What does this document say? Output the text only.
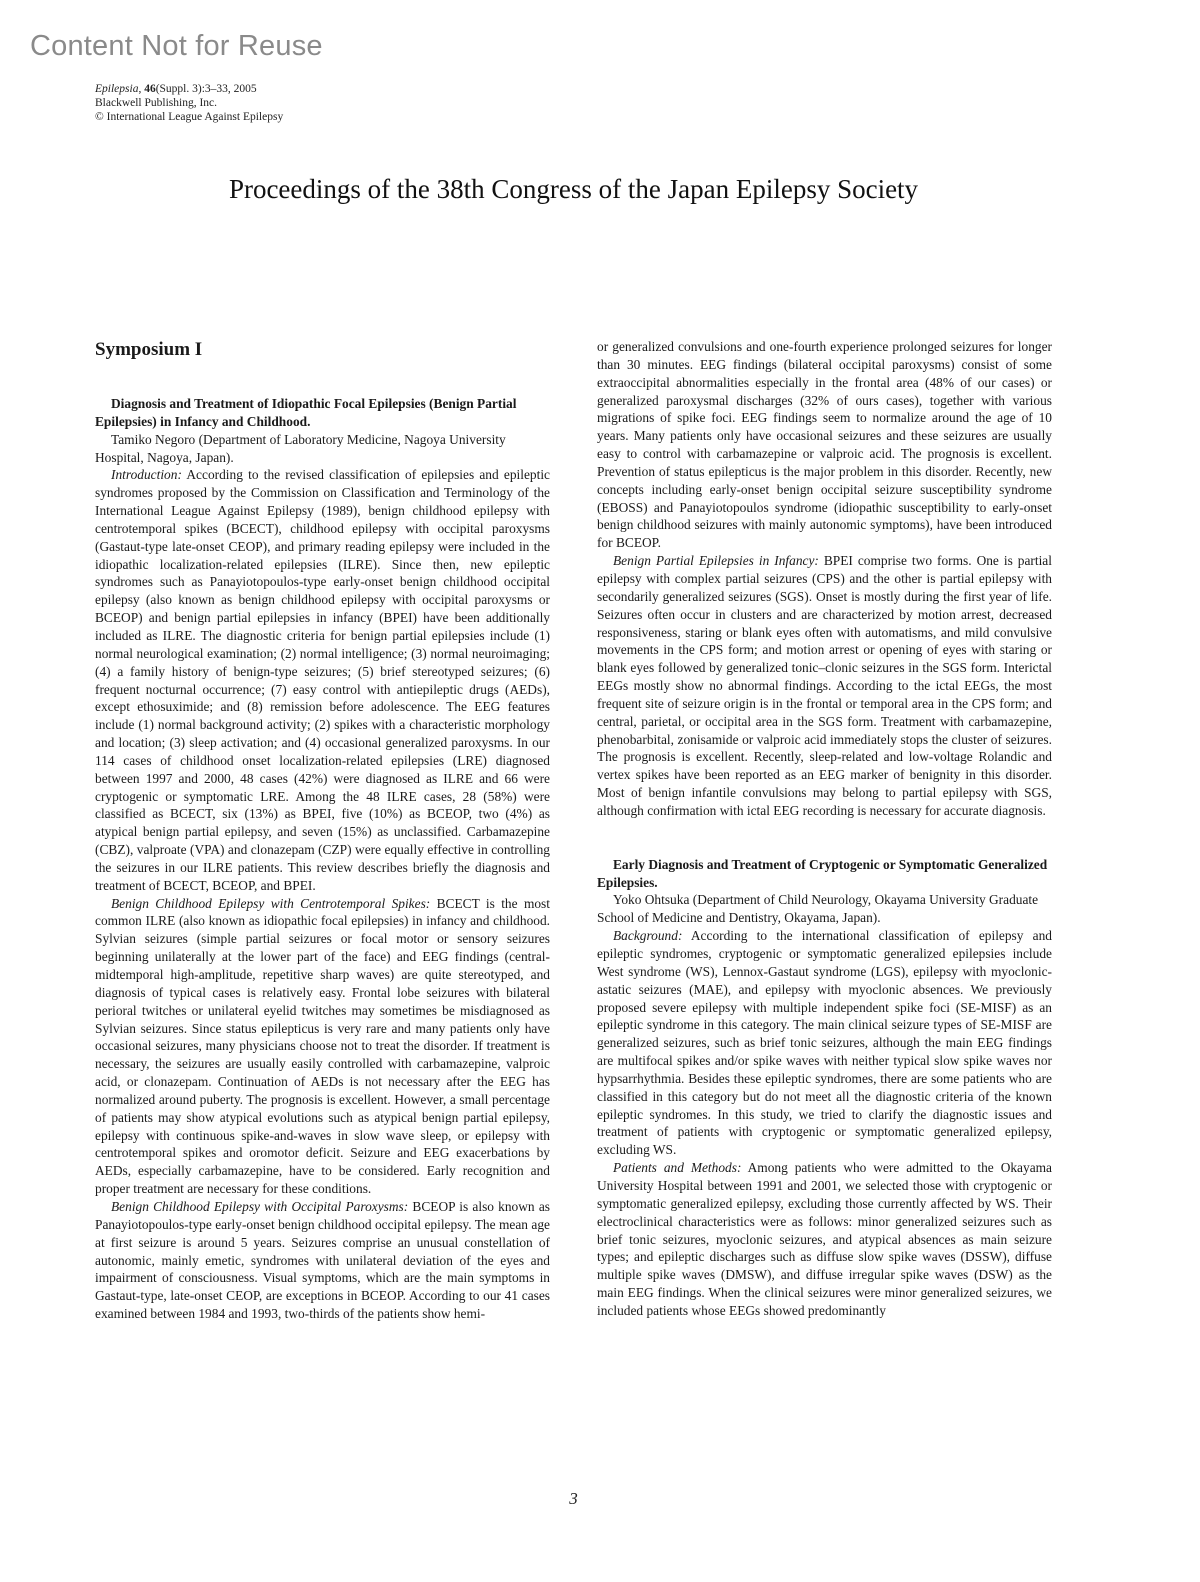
Content Not for Reuse
Epilepsia, 46(Suppl. 3):3–33, 2005
Blackwell Publishing, Inc.
© International League Against Epilepsy
Proceedings of the 38th Congress of the Japan Epilepsy Society
Symposium I

Diagnosis and Treatment of Idiopathic Focal Epilepsies (Benign Partial Epilepsies) in Infancy and Childhood.

Tamiko Negoro (Department of Laboratory Medicine, Nagoya University Hospital, Nagoya, Japan).

Introduction: According to the revised classification of epilepsies and epileptic syndromes proposed by the Commission on Classification and Terminology of the International League Against Epilepsy (1989), benign childhood epilepsy with centrotemporal spikes (BCECT), childhood epilepsy with occipital paroxysms (Gastaut-type late-onset CEOP), and primary reading epilepsy were included in the idiopathic localization-related epilepsies (ILRE). Since then, new epileptic syndromes such as Panayiotopoulos-type early-onset benign childhood occipital epilepsy (also known as benign childhood epilepsy with occipital paroxysms or BCEOP) and benign partial epilepsies in infancy (BPEI) have been additionally included as ILRE. The diagnostic criteria for benign partial epilepsies include (1) normal neurological examination; (2) normal intelligence; (3) normal neuroimaging; (4) a family history of benign-type seizures; (5) brief stereotyped seizures; (6) frequent nocturnal occurrence; (7) easy control with antiepileptic drugs (AEDs), except ethosuximide; and (8) remission before adolescence. The EEG features include (1) normal background activity; (2) spikes with a characteristic morphology and location; (3) sleep activation; and (4) occasional generalized paroxysms. In our 114 cases of childhood onset localization-related epilepsies (LRE) diagnosed between 1997 and 2000, 48 cases (42%) were diagnosed as ILRE and 66 were cryptogenic or symptomatic LRE. Among the 48 ILRE cases, 28 (58%) were classified as BCECT, six (13%) as BPEI, five (10%) as BCEOP, two (4%) as atypical benign partial epilepsy, and seven (15%) as unclassified. Carbamazepine (CBZ), valproate (VPA) and clonazepam (CZP) were equally effective in controlling the seizures in our ILRE patients. This review describes briefly the diagnosis and treatment of BCECT, BCEOP, and BPEI.

Benign Childhood Epilepsy with Centrotemporal Spikes: BCECT is the most common ILRE (also known as idiopathic focal epilepsies) in infancy and childhood. Sylvian seizures (simple partial seizures or focal motor or sensory seizures beginning unilaterally at the lower part of the face) and EEG findings (central-midtemporal high-amplitude, repetitive sharp waves) are quite stereotyped, and diagnosis of typical cases is relatively easy. Frontal lobe seizures with bilateral perioral twitches or unilateral eyelid twitches may sometimes be misdiagnosed as Sylvian seizures. Since status epilepticus is very rare and many patients only have occasional seizures, many physicians choose not to treat the disorder. If treatment is necessary, the seizures are usually easily controlled with carbamazepine, valproic acid, or clonazepam. Continuation of AEDs is not necessary after the EEG has normalized around puberty. The prognosis is excellent. However, a small percentage of patients may show atypical evolutions such as atypical benign partial epilepsy, epilepsy with continuous spike-and-waves in slow wave sleep, or epilepsy with centrotemporal spikes and oromotor deficit. Seizure and EEG exacerbations by AEDs, especially carbamazepine, have to be considered. Early recognition and proper treatment are necessary for these conditions.

Benign Childhood Epilepsy with Occipital Paroxysms: BCEOP is also known as Panayiotopoulos-type early-onset benign childhood occipital epilepsy. The mean age at first seizure is around 5 years. Seizures comprise an unusual constellation of autonomic, mainly emetic, syndromes with unilateral deviation of the eyes and impairment of consciousness. Visual symptoms, which are the main symptoms in Gastaut-type, late-onset CEOP, are exceptions in BCEOP. According to our 41 cases examined between 1984 and 1993, two-thirds of the patients show hemi-

or generalized convulsions and one-fourth experience prolonged seizures for longer than 30 minutes. EEG findings (bilateral occipital paroxysms) consist of some extraoccipital abnormalities especially in the frontal area (48% of our cases) or generalized paroxysmal discharges (32% of ours cases), together with various migrations of spike foci. EEG findings seem to normalize around the age of 10 years. Many patients only have occasional seizures and these seizures are usually easy to control with carbamazepine or valproic acid. The prognosis is excellent. Prevention of status epilepticus is the major problem in this disorder. Recently, new concepts including early-onset benign occipital seizure susceptibility syndrome (EBOSS) and Panayiotopoulos syndrome (idiopathic susceptibility to early-onset benign childhood seizures with mainly autonomic symptoms), have been introduced for BCEOP.

Benign Partial Epilepsies in Infancy: BPEI comprise two forms. One is partial epilepsy with complex partial seizures (CPS) and the other is partial epilepsy with secondarily generalized seizures (SGS). Onset is mostly during the first year of life. Seizures often occur in clusters and are characterized by motion arrest, decreased responsiveness, staring or blank eyes often with automatisms, and mild convulsive movements in the CPS form; and motion arrest or opening of eyes with staring or blank eyes followed by generalized tonic–clonic seizures in the SGS form. Interictal EEGs mostly show no abnormal findings. According to the ictal EEGs, the most frequent site of seizure origin is in the frontal or temporal area in the CPS form; and central, parietal, or occipital area in the SGS form. Treatment with carbamazepine, phenobarbital, zonisamide or valproic acid immediately stops the cluster of seizures. The prognosis is excellent. Recently, sleep-related and low-voltage Rolandic and vertex spikes have been reported as an EEG marker of benignity in this disorder. Most of benign infantile convulsions may belong to partial epilepsy with SGS, although confirmation with ictal EEG recording is necessary for accurate diagnosis.

Early Diagnosis and Treatment of Cryptogenic or Symptomatic Generalized Epilepsies.

Yoko Ohtsuka (Department of Child Neurology, Okayama University Graduate School of Medicine and Dentistry, Okayama, Japan).

Background: According to the international classification of epilepsy and epileptic syndromes, cryptogenic or symptomatic generalized epilepsies include West syndrome (WS), Lennox-Gastaut syndrome (LGS), epilepsy with myoclonic-astatic seizures (MAE), and epilepsy with myoclonic absences. We previously proposed severe epilepsy with multiple independent spike foci (SE-MISF) as an epileptic syndrome in this category. The main clinical seizure types of SE-MISF are generalized seizures, such as brief tonic seizures, although the main EEG findings are multifocal spikes and/or spike waves with neither typical slow spike waves nor hypsarrhythmia. Besides these epileptic syndromes, there are some patients who are classified in this category but do not meet all the diagnostic criteria of the known epileptic syndromes. In this study, we tried to clarify the diagnostic issues and treatment of patients with cryptogenic or symptomatic generalized epilepsy, excluding WS.

Patients and Methods: Among patients who were admitted to the Okayama University Hospital between 1991 and 2001, we selected those with cryptogenic or symptomatic generalized epilepsy, excluding those currently affected by WS. Their electroclinical characteristics were as follows: minor generalized seizures such as brief tonic seizures, myoclonic seizures, and atypical absences as main seizure types; and epileptic discharges such as diffuse slow spike waves (DSSW), diffuse multiple spike waves (DMSW), and diffuse irregular spike waves (DSW) as the main EEG findings. When the clinical seizures were minor generalized seizures, we included patients whose EEGs showed predominantly

3
